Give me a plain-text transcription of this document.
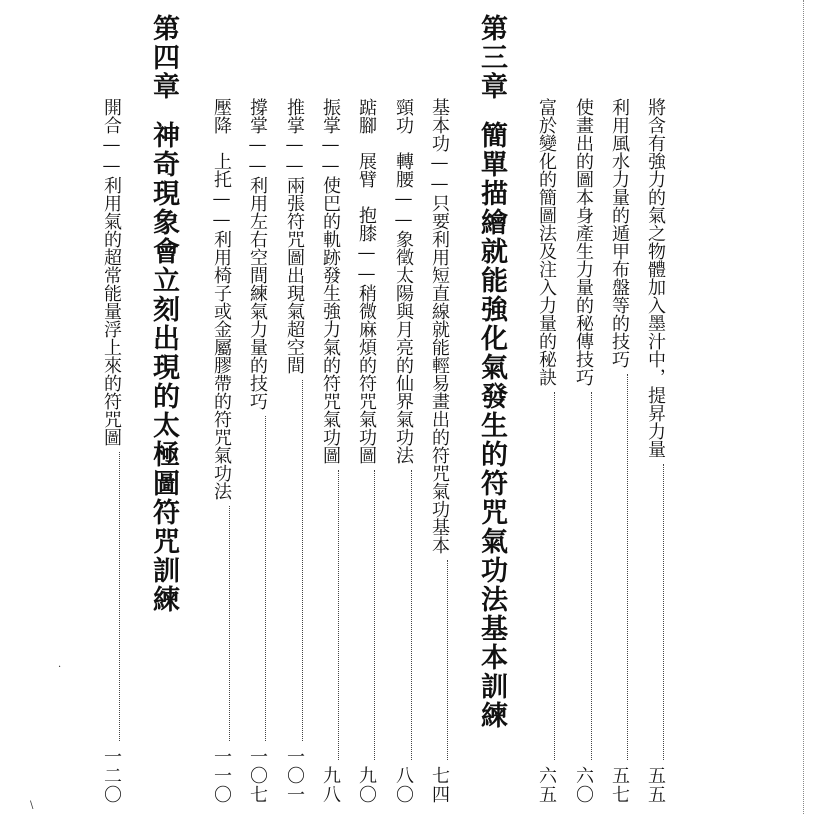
將含有強力的氣之物體加入墨汁中，提昇力量
五五
利用風水力量的遁甲布盤等的技巧
五七
使畫出的圖本身產生力量的秘傳技巧
六〇
富於變化的簡圖法及注入力量的秘訣
六五
第三章簡單描繪就能強化氣發生的符咒氣功法基本訓練
基本功——只要利用短直線就能輕易畫出的符咒氣功基本
七四
頸功　轉腰——象徵太陽與月亮的仙界氣功法
八〇
踮腳　展臂　抱膝——稍微麻煩的符咒氣功圖
九〇
振掌——使巴的軌跡發生強力氣的符咒氣功圖
九八
推掌——兩張符咒圖出現氣超空間
一〇一
撐掌——利用左右空間練氣力量的技巧
一〇七
壓降　上托——利用椅子或金屬膠帶的符咒氣功法
一一〇
第四章神奇現象會立刻出現的太極圖符咒訓練
開合——利用氣的超常能量浮上來的符咒圖
一二〇
·
\
